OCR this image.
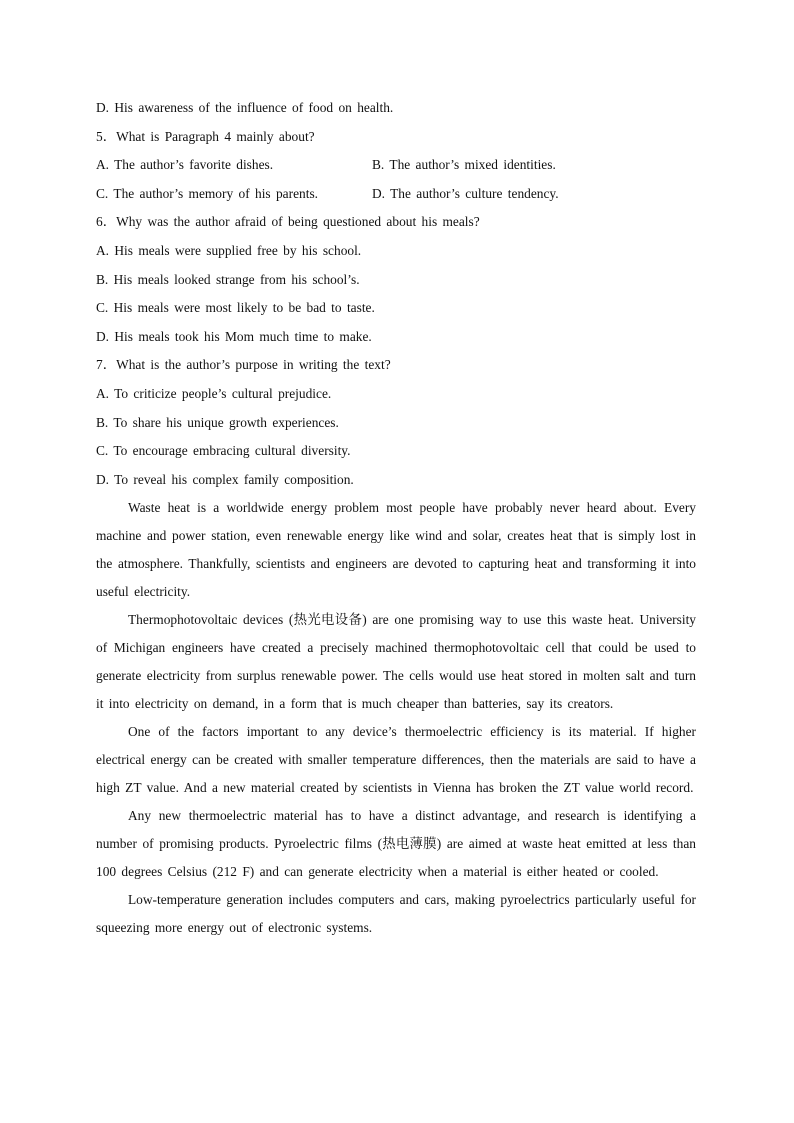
D. His awareness of the influence of food on health.
5．What is Paragraph 4 mainly about?
A. The author’s favorite dishes.	B. The author’s mixed identities.
C. The author’s memory of his parents.	D. The author’s culture tendency.
6．Why was the author afraid of being questioned about his meals?
A. His meals were supplied free by his school.
B. His meals looked strange from his school’s.
C. His meals were most likely to be bad to taste.
D. His meals took his Mom much time to make.
7．What is the author’s purpose in writing the text?
A. To criticize people’s cultural prejudice.
B. To share his unique growth experiences.
C. To encourage embracing cultural diversity.
D. To reveal his complex family composition.

Waste heat is a worldwide energy problem most people have probably never heard about. Every machine and power station, even renewable energy like wind and solar, creates heat that is simply lost in the atmosphere. Thankfully, scientists and engineers are devoted to capturing heat and transforming it into useful electricity.

Thermophotovoltaic devices (热光电设备) are one promising way to use this waste heat. University of Michigan engineers have created a precisely machined thermophotovoltaic cell that could be used to generate electricity from surplus renewable power. The cells would use heat stored in molten salt and turn it into electricity on demand, in a form that is much cheaper than batteries, say its creators.

One of the factors important to any device’s thermoelectric efficiency is its material. If higher electrical energy can be created with smaller temperature differences, then the materials are said to have a high ZT value. And a new material created by scientists in Vienna has broken the ZT value world record.

Any new thermoelectric material has to have a distinct advantage, and research is identifying a number of promising products. Pyroelectric films (热电薄膜) are aimed at waste heat emitted at less than 100 degrees Celsius (212 F) and can generate electricity when a material is either heated or cooled.

Low-temperature generation includes computers and cars, making pyroelectrics particularly useful for squeezing more energy out of electronic systems.
